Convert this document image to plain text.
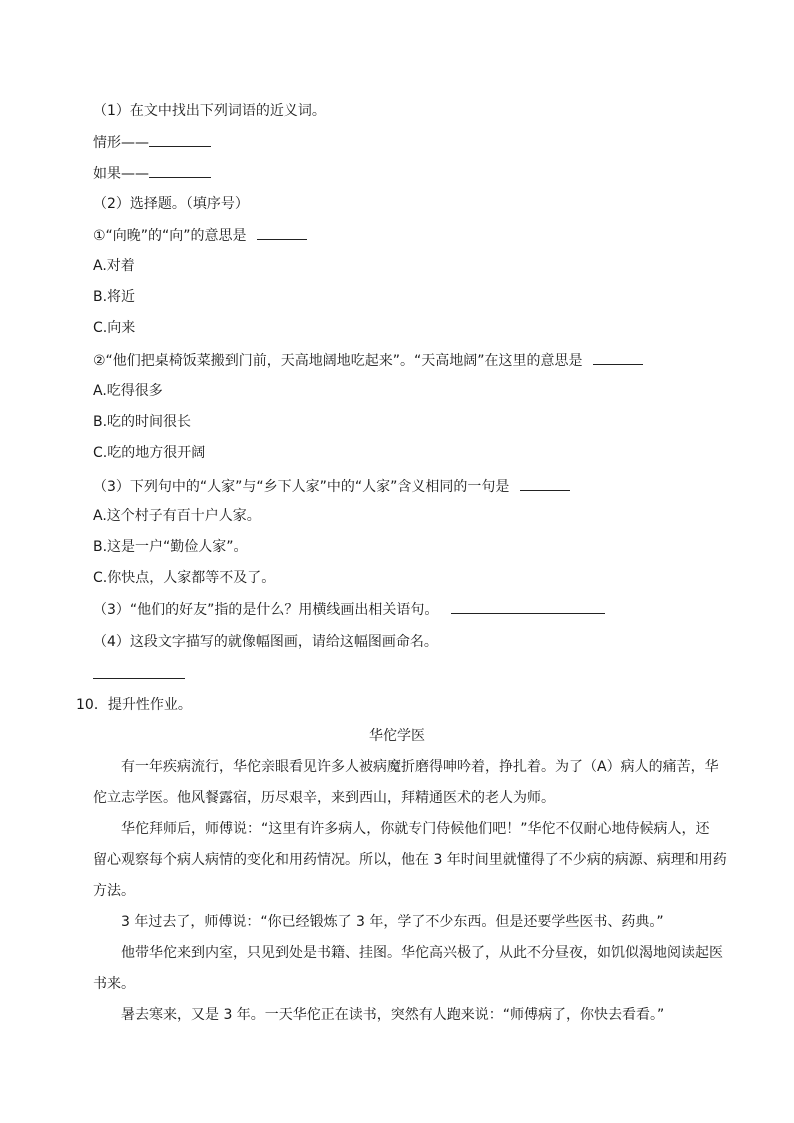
（1）在文中找出下列词语的近义词。
情形——
如果——
（2）选择题。（填序号）
①“向晚”的“向”的意思是
A.对着
B.将近
C.向来
②“他们把桌椅饭菜搬到门前，天高地阔地吃起来”。“天高地阔”在这里的意思是
A.吃得很多
B.吃的时间很长
C.吃的地方很开阔
（3）下列句中的“人家”与“乡下人家”中的“人家”含义相同的一句是
A.这个村子有百十户人家。
B.这是一户“勤俭人家”。
C.你快点，人家都等不及了。
（3）“他们的好友”指的是什么？用横线画出相关语句。
（4）这段文字描写的就像幅图画，请给这幅图画命名。
10．提升性作业。
华佗学医
有一年疾病流行，华佗亲眼看见许多人被病魔折磨得呻吟着，挣扎着。为了（A）病人的痛苦，华
佗立志学医。他风餐露宿，历尽艰辛，来到西山，拜精通医术的老人为师。
华佗拜师后，师傅说：“这里有许多病人，你就专门侍候他们吧！”华佗不仅耐心地侍候病人，还
留心观察每个病人病情的变化和用药情况。所以，他在 3 年时间里就懂得了不少病的病源、病理和用药
方法。
3 年过去了，师傅说：“你已经锻炼了 3 年，学了不少东西。但是还要学些医书、药典。”
他带华佗来到内室，只见到处是书籍、挂图。华佗高兴极了，从此不分昼夜，如饥似渴地阅读起医
书来。
暑去寒来，又是 3 年。一天华佗正在读书，突然有人跑来说：“师傅病了，你快去看看。”
